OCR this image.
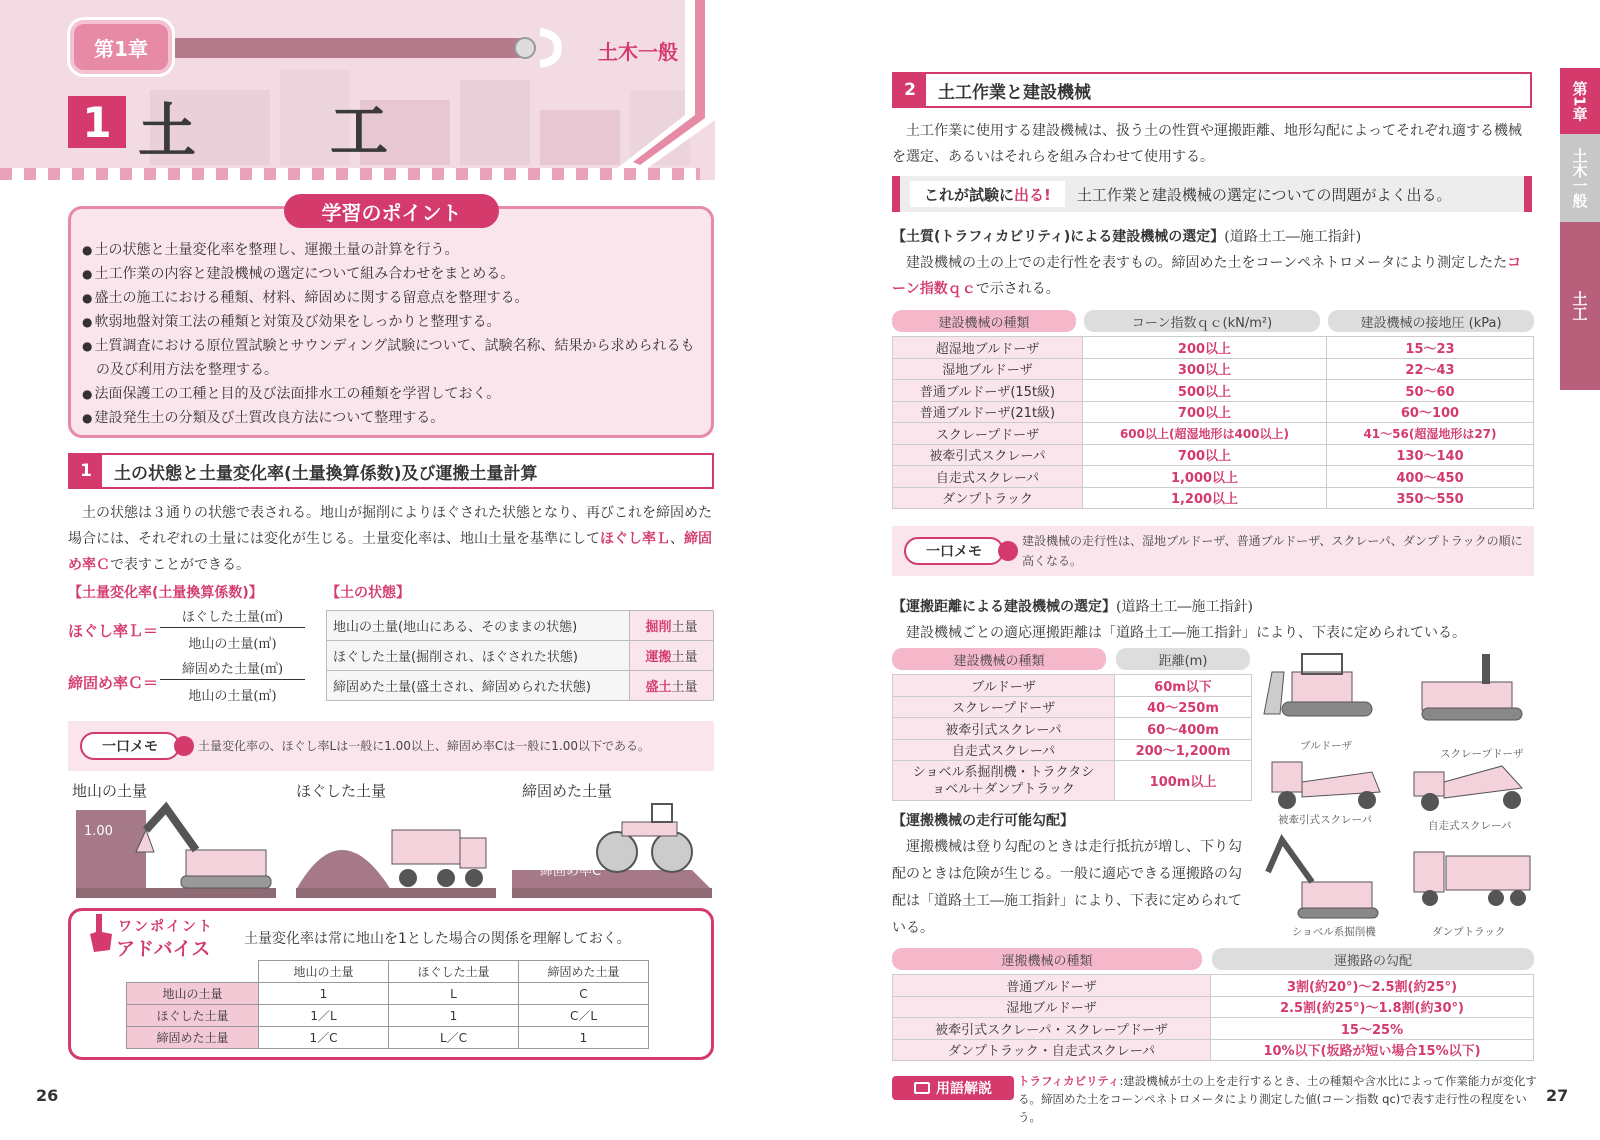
第1章	土木一般
1 土　工
学習のポイント
● 土の状態と土量変化率を整理し、運搬土量の計算を行う。
● 土工作業の内容と建設機械の選定について組み合わせをまとめる。
● 盛土の施工における種類、材料、締固めに関する留意点を整理する。
● 軟弱地盤対策工法の種類と対策及び効果をしっかりと整理する。
● 土質調査における原位置試験とサウンディング試験について、試験名称、結果から求められるもの及び利用方法を整理する。
● 法面保護工の工種と目的及び法面排水工の種類を学習しておく。
● 建設発生土の分類及び土質改良方法について整理する。
1	土の状態と土量変化率(土量換算係数)及び運搬土量計算
土の状態は３通りの状態で表される。地山が掘削によりほぐされた状態となり、再びこれを締固めた場合には、それぞれの土量には変化が生じる。土量変化率は、地山土量を基準にしてほぐし率Ｌ、締固め率Ｃで表すことができる。
【土量変化率(土量換算係数)】	【土の状態】
ほぐし率Ｌ＝
ほぐした土量(㎥)
地山の土量(㎥)
締固め率Ｃ＝
締固めた土量(㎥)
地山の土量(㎥)
地山の土量(地山にある、そのままの状態)	掘削土量
ほぐした土量(掘削され、ほぐされた状態)	運搬土量
締固めた土量(盛土され、締固められた状態)	盛土土量
一口メモ	土量変化率の、ほぐし率Lは一般に1.00以上、締固め率Cは一般に1.00以下である。
地山の土量	ほぐした土量	締固めた土量
1.00
ほぐし率L
締固め率C
ワンポイント
アドバイス 土量変化率は常に地山を1とした場合の関係を理解しておく。
	地山の土量	ほぐした土量	締固めた土量
地山の土量	1	L	C
ほぐした土量	1／L	1	C／L
締固めた土量	1／C	L／C	1
26
第1章
土木一般
土工
2	土工作業と建設機械
土工作業に使用する建設機械は、扱う土の性質や運搬距離、地形勾配によってそれぞれ適する機械を選定、あるいはそれらを組み合わせて使用する。
これが試験に 出る! 土工作業と建設機械の選定についての問題がよく出る。
【土質(トラフィカビリティ)による建設機械の選定】(道路土工―施工指針)
建設機械の土の上での走行性を表すもの。締固めた土をコーンペネトロメータにより測定したたコーン指数ｑｃで示される。
建設機械の種類	コーン指数ｑｃ(kN/m²)	建設機械の接地圧 (kPa)
超湿地ブルドーザ	200以上	15～23
湿地ブルドーザ	300以上	22～43
普通ブルドーザ(15t級)	500以上	50～60
普通ブルドーザ(21t級)	700以上	60～100
スクレープドーザ	600以上(超湿地形は400以上)	41～56(超湿地形は27)
被牽引式スクレーパ	700以上	130～140
自走式スクレーパ	1,000以上	400～450
ダンプトラック	1,200以上	350～550
一口メモ
建設機械の走行性は、湿地ブルドーザ、普通ブルドーザ、スクレーパ、ダンプトラックの順に高くなる。
【運搬距離による建設機械の選定】(道路土工―施工指針)
建設機械ごとの適応運搬距離は「道路土工―施工指針」により、下表に定められている。
建設機械の種類	距離(m)
ブルドーザ	60m以下
スクレープドーザ	40～250m
被牽引式スクレーパ	60～400m
自走式スクレーパ	200～1,200m
ショベル系掘削機・トラクタショベル＋ダンプトラック	100m以上
【運搬機械の走行可能勾配】
運搬機械は登り勾配のときは走行抵抗が増し、下り勾配のときは危険が生じる。一般に適応できる運搬路の勾配は「道路土工―施工指針」により、下表に定められている。
ブルドーザ
スクレープドーザ
被牽引式スクレーパ	自走式スクレーパ
ショベル系掘削機	ダンプトラック
運搬機械の種類	運搬路の勾配
普通ブルドーザ	3割(約20°)～2.5割(約25°)
湿地ブルドーザ	2.5割(約25°)～1.8割(約30°)
被牽引式スクレーパ・スクレープドーザ	15～25%
ダンプトラック・自走式スクレーパ	10%以下(坂路が短い場合15%以下)
用語解説 トラフィカビリティ:建設機械が土の上を走行するとき、土の種類や含水比によって作業能力が変化する。締固めた土をコーンペネトロメータにより測定した値(コーン指数 qc)で表す走行性の程度をいう。
27
